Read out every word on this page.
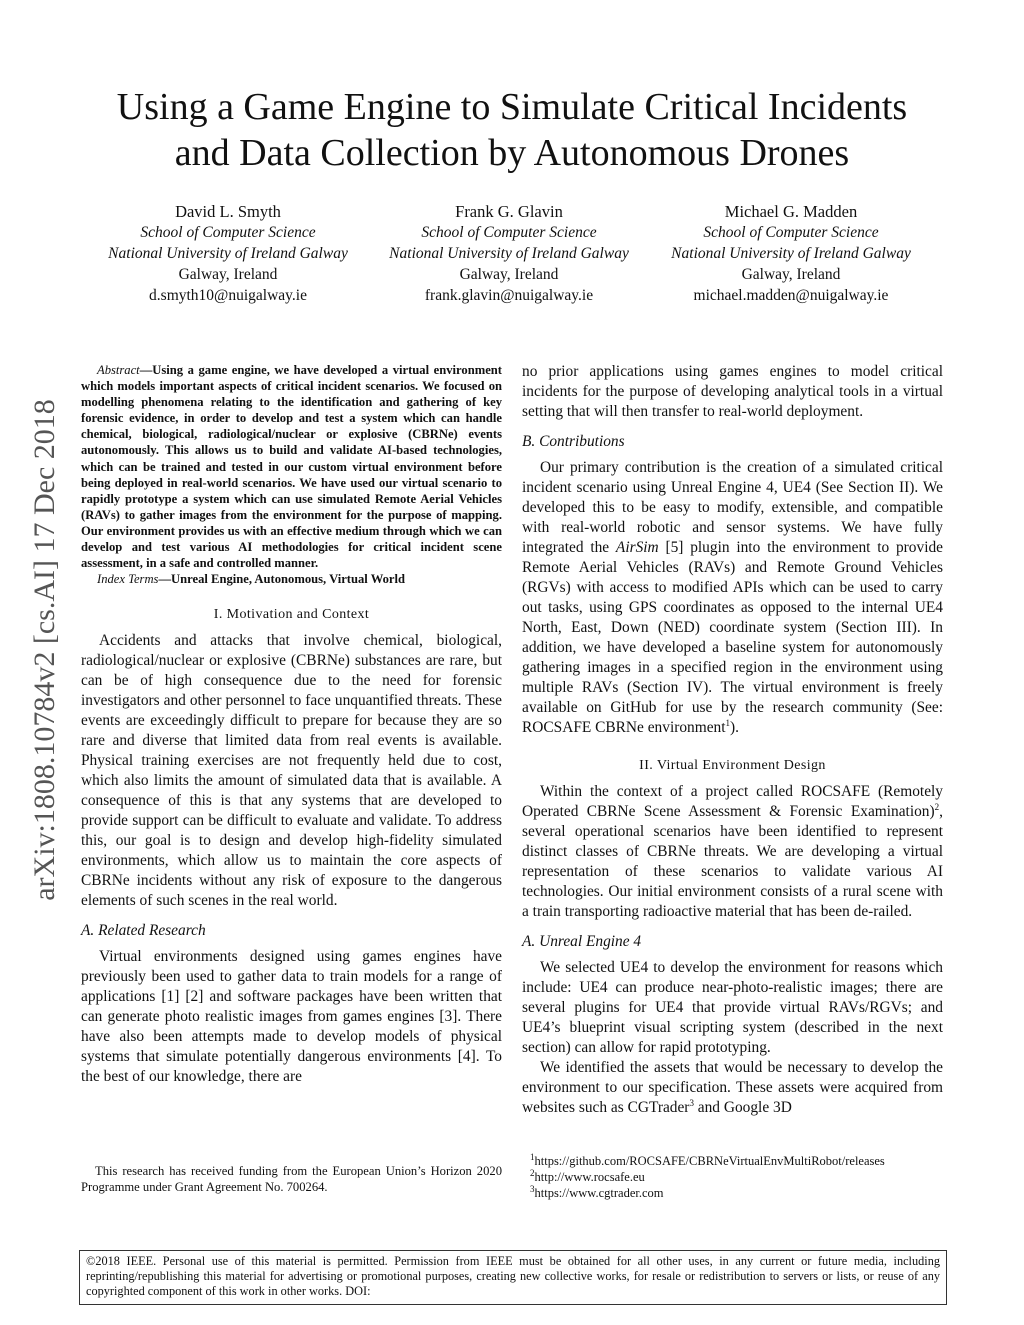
Using a Game Engine to Simulate Critical Incidents
and Data Collection by Autonomous Drones
David L. Smyth
School of Computer Science
National University of Ireland Galway
Galway, Ireland
d.smyth10@nuigalway.ie
Frank G. Glavin
School of Computer Science
National University of Ireland Galway
Galway, Ireland
frank.glavin@nuigalway.ie
Michael G. Madden
School of Computer Science
National University of Ireland Galway
Galway, Ireland
michael.madden@nuigalway.ie
arXiv:1808.10784v2 [cs.AI] 17 Dec 2018

Abstract—Using a game engine, we have developed a virtual environment which models important aspects of critical incident scenarios. We focused on modelling phenomena relating to the identification and gathering of key forensic evidence, in order to develop and test a system which can handle chemical, biological, radiological/nuclear or explosive (CBRNe) events autonomously. This allows us to build and validate AI-based technologies, which can be trained and tested in our custom virtual environment before being deployed in real-world scenarios. We have used our virtual scenario to rapidly prototype a system which can use simulated Remote Aerial Vehicles (RAVs) to gather images from the environment for the purpose of mapping. Our environment provides us with an effective medium through which we can develop and test various AI methodologies for critical incident scene assessment, in a safe and controlled manner.

Index Terms—Unreal Engine, Autonomous, Virtual World

I. Motivation and Context

Accidents and attacks that involve chemical, biological, radiological/nuclear or explosive (CBRNe) substances are rare, but can be of high consequence due to the need for forensic investigators and other personnel to face unquantified threats. These events are exceedingly difficult to prepare for because they are so rare and diverse that limited data from real events is available. Physical training exercises are not frequently held due to cost, which also limits the amount of simulated data that is available. A consequence of this is that any systems that are developed to provide support can be difficult to evaluate and validate. To address this, our goal is to design and develop high-fidelity simulated environments, which allow us to maintain the core aspects of CBRNe incidents without any risk of exposure to the dangerous elements of such scenes in the real world.

A. Related Research

Virtual environments designed using games engines have previously been used to gather data to train models for a range of applications [1] [2] and software packages have been written that can generate photo realistic images from games engines [3]. There have also been attempts made to develop models of physical systems that simulate potentially dangerous environments [4]. To the best of our knowledge, there are

This research has received funding from the European Union’s Horizon 2020 Programme under Grant Agreement No. 700264.

no prior applications using games engines to model critical incidents for the purpose of developing analytical tools in a virtual setting that will then transfer to real-world deployment.

B. Contributions

Our primary contribution is the creation of a simulated critical incident scenario using Unreal Engine 4, UE4 (See Section II). We developed this to be easy to modify, extensible, and compatible with real-world robotic and sensor systems. We have fully integrated the AirSim [5] plugin into the environment to provide Remote Aerial Vehicles (RAVs) and Remote Ground Vehicles (RGVs) with access to modified APIs which can be used to carry out tasks, using GPS coordinates as opposed to the internal UE4 North, East, Down (NED) coordinate system (Section III). In addition, we have developed a baseline system for autonomously gathering images in a specified region in the environment using multiple RAVs (Section IV). The virtual environment is freely available on GitHub for use by the research community (See: ROCSAFE CBRNe environment$^1$).

II. Virtual Environment Design

Within the context of a project called ROCSAFE (Remotely Operated CBRNe Scene Assessment & Forensic Examination)$^2$, several operational scenarios have been identified to represent distinct classes of CBRNe threats. We are developing a virtual representation of these scenarios to validate various AI technologies. Our initial environment consists of a rural scene with a train transporting radioactive material that has been de-railed.

A. Unreal Engine 4

We selected UE4 to develop the environment for reasons which include: UE4 can produce near-photo-realistic images; there are several plugins for UE4 that provide virtual RAVs/RGVs; and UE4’s blueprint visual scripting system (described in the next section) can allow for rapid prototyping.

We identified the assets that would be necessary to develop the environment to our specification. These assets were acquired from websites such as CGTrader$^3$ and Google 3D

$^1$https://github.com/ROCSAFE/CBRNeVirtualEnvMultiRobot/releases
$^2$http://www.rocsafe.eu
$^3$https://www.cgtrader.com
©2018 IEEE. Personal use of this material is permitted. Permission from IEEE must be obtained for all other uses, in any current or future media, including reprinting/republishing this material for advertising or promotional purposes, creating new collective works, for resale or redistribution to servers or lists, or reuse of any copyrighted component of this work in other works. DOI:
